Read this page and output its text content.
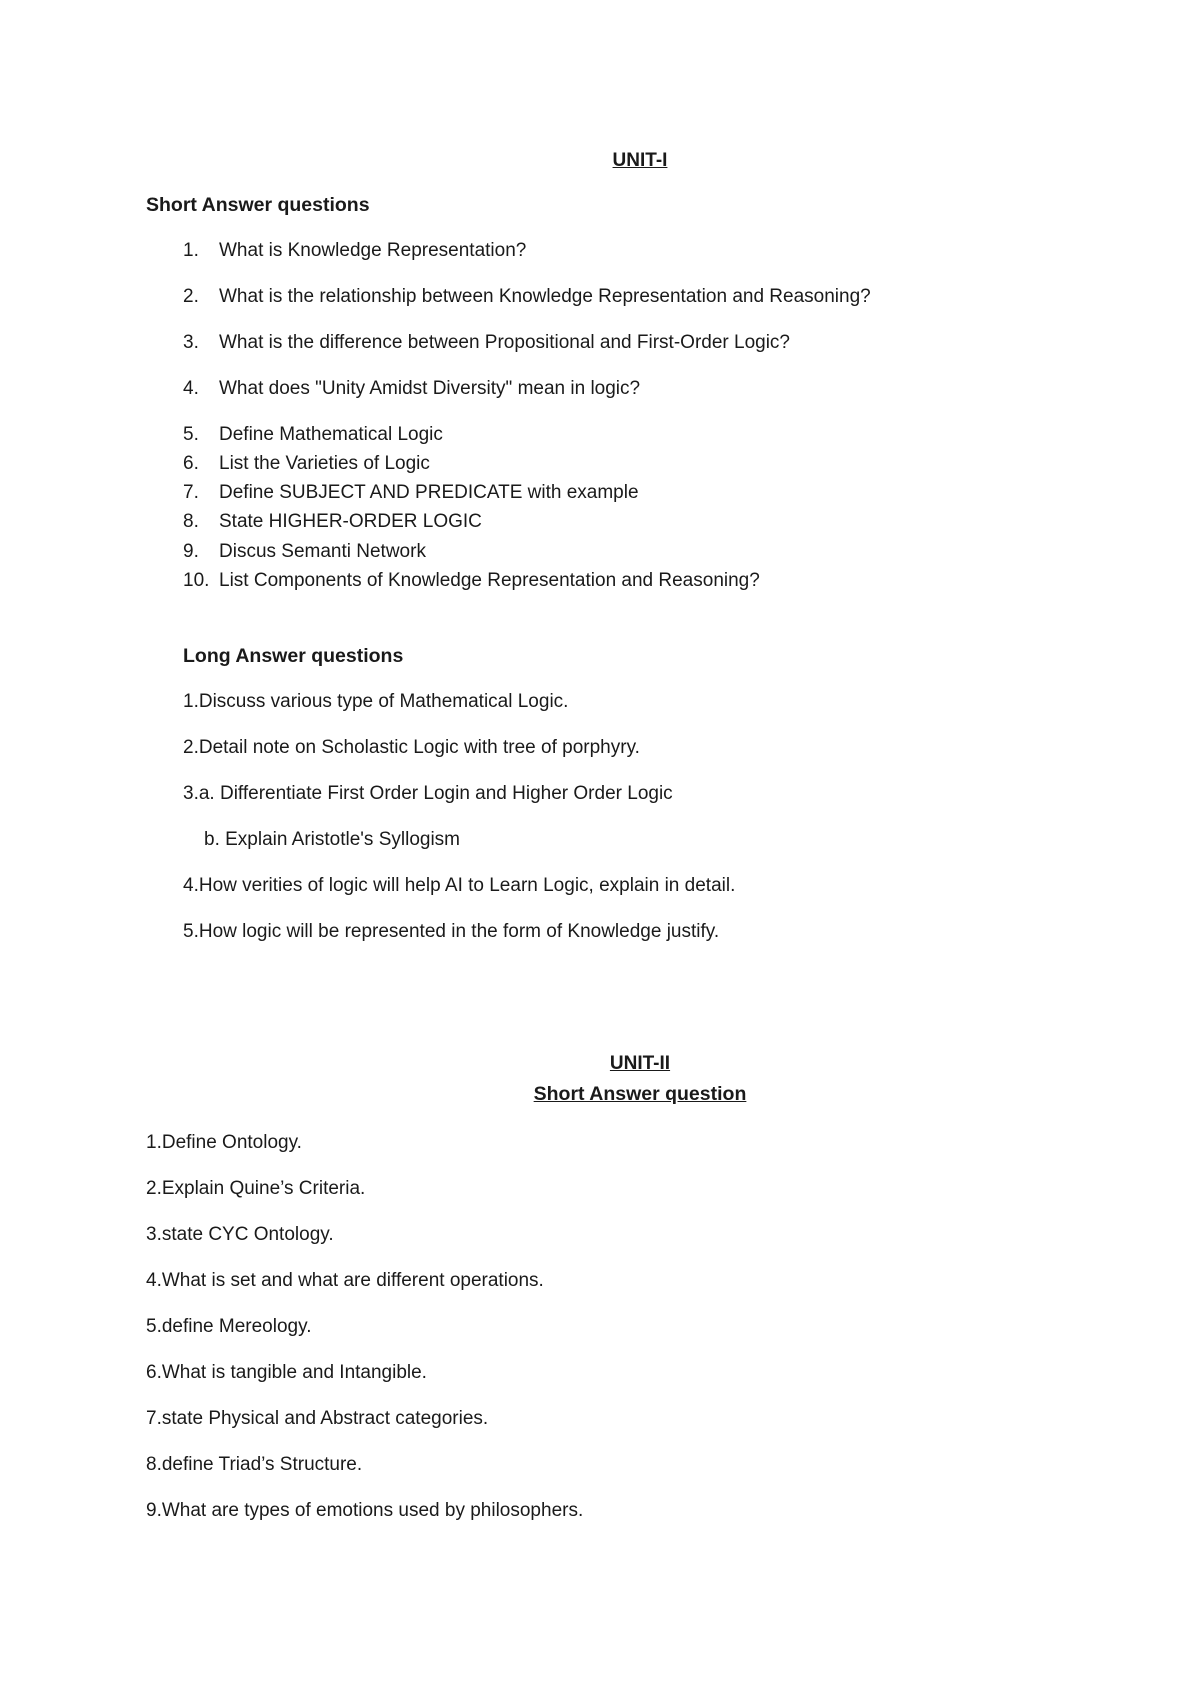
UNIT-I
Short Answer questions
1. What is Knowledge Representation?
2. What is the relationship between Knowledge Representation and Reasoning?
3. What is the difference between Propositional and First-Order Logic?
4. What does "Unity Amidst Diversity" mean in logic?
5. Define Mathematical Logic
6. List the Varieties of Logic
7. Define SUBJECT AND PREDICATE with example
8. State HIGHER-ORDER LOGIC
9. Discus Semanti Network
10. List Components of Knowledge Representation and Reasoning?
Long Answer questions
1.Discuss various type of Mathematical Logic.
2.Detail note on Scholastic Logic with tree of porphyry.
3.a. Differentiate First Order Login and Higher Order Logic
b. Explain Aristotle's Syllogism
4.How verities of logic will help AI to Learn Logic, explain in detail.
5.How logic will be represented in the form of Knowledge justify.
UNIT-II
Short Answer question
1.Define Ontology.
2.Explain Quine’s Criteria.
3.state CYC Ontology.
4.What is set and what are different operations.
5.define Mereology.
6.What is tangible and Intangible.
7.state Physical and Abstract categories.
8.define Triad’s Structure.
9.What are types of emotions used by philosophers.
